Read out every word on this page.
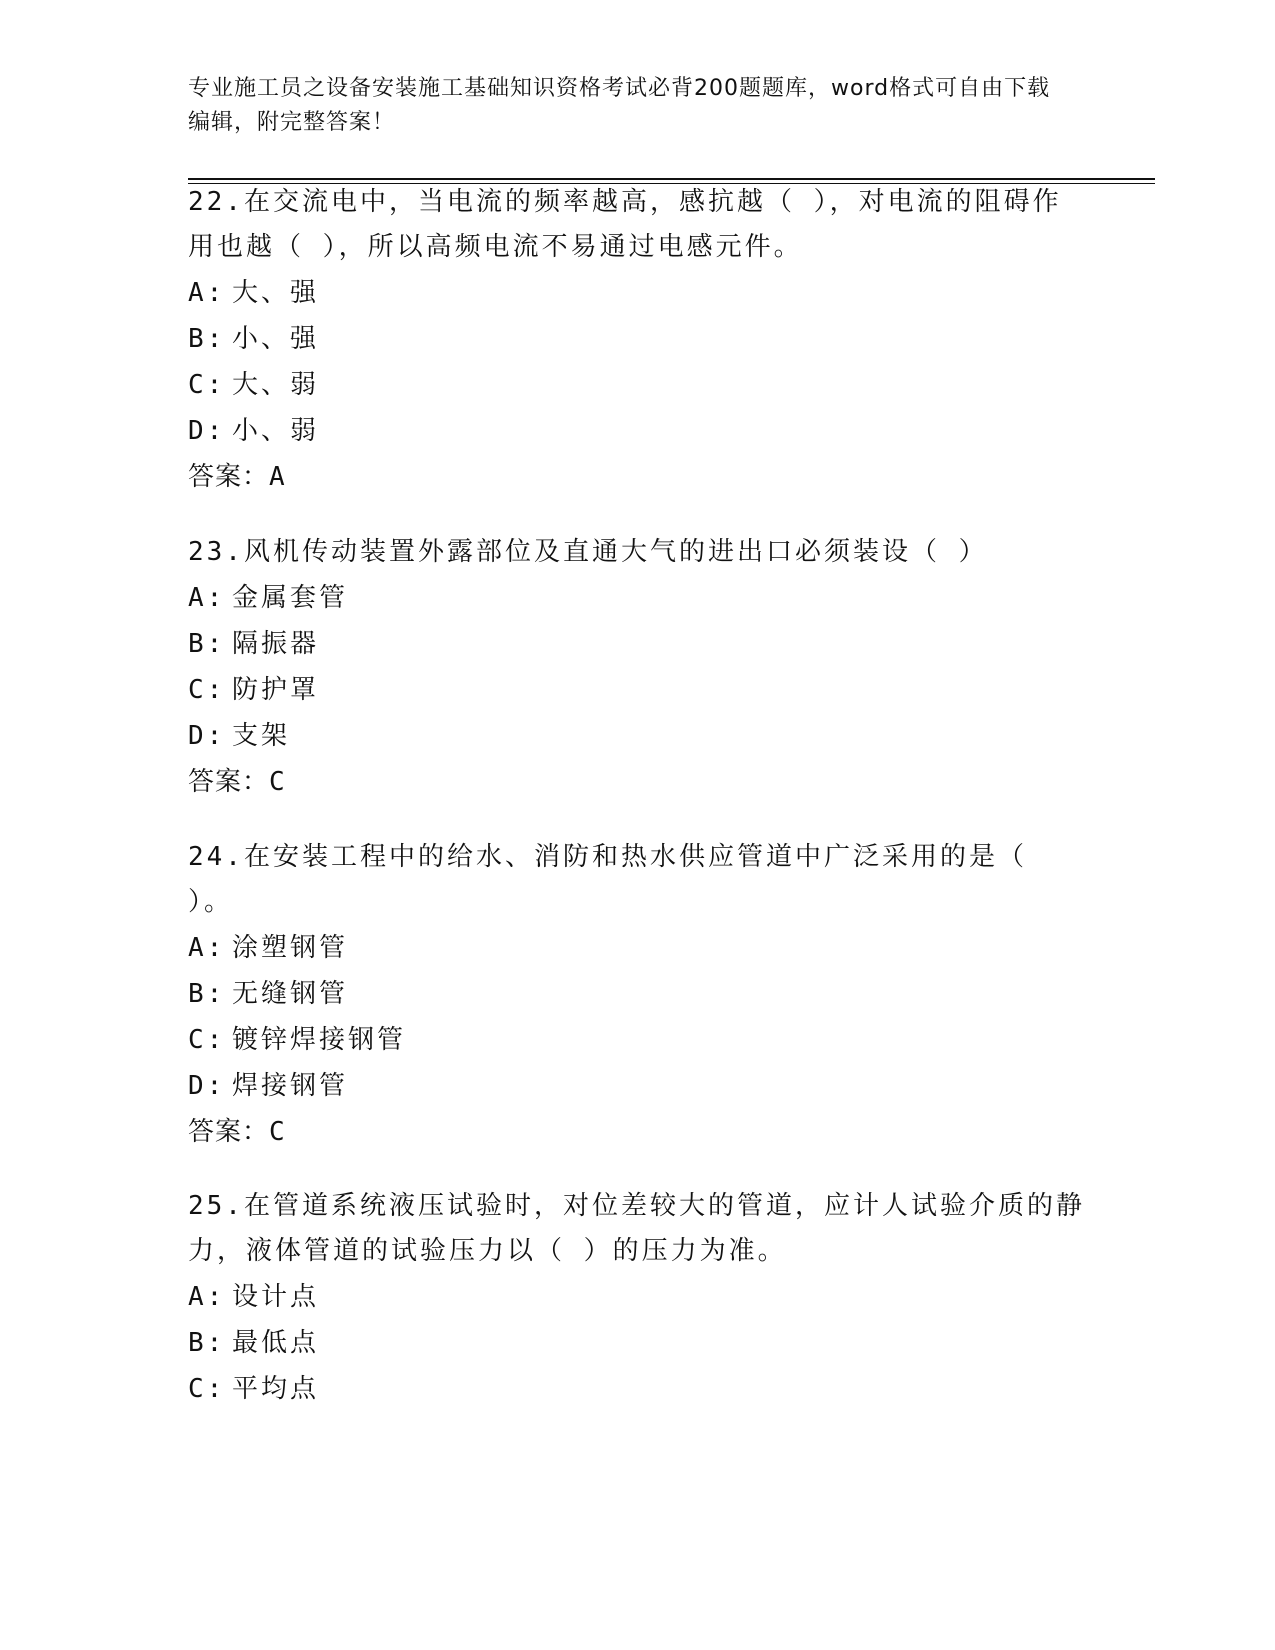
专业施工员之设备安装施工基础知识资格考试必背200题题库，word格式可自由下载编辑，附完整答案！
22.在交流电中，当电流的频率越高，感抗越（ ），对电流的阻碍作用也越（ ），所以高频电流不易通过电感元件。
A: 大、强
B: 小、强
C: 大、弱
D: 小、弱
答案：A
23.风机传动装置外露部位及直通大气的进出口必须装设（ ）
A: 金属套管
B: 隔振器
C: 防护罩
D: 支架
答案：C
24.在安装工程中的给水、消防和热水供应管道中广泛采用的是（ ）。
A: 涂塑钢管
B: 无缝钢管
C: 镀锌焊接钢管
D: 焊接钢管
答案：C
25.在管道系统液压试验时，对位差较大的管道，应计人试验介质的静力，液体管道的试验压力以（ ）的压力为准。
A: 设计点
B: 最低点
C: 平均点
